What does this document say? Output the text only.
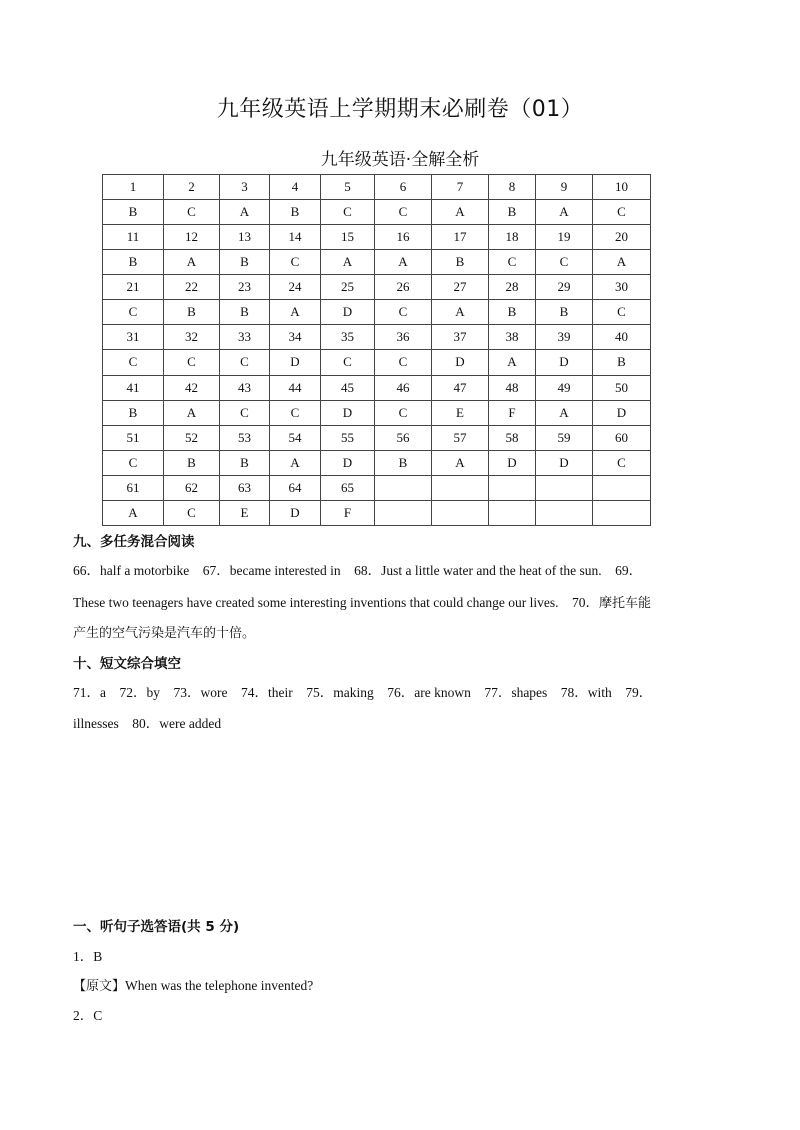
九年级英语上学期期末必刷卷（01）
九年级英语·全解全析
1	2	3	4	5	6	7	8	9	10
B	C	A	B	C	C	A	B	A	C
11	12	13	14	15	16	17	18	19	20
B	A	B	C	A	A	B	C	C	A
21	22	23	24	25	26	27	28	29	30
C	B	B	A	D	C	A	B	B	C
31	32	33	34	35	36	37	38	39	40
C	C	C	D	C	C	D	A	D	B
41	42	43	44	45	46	47	48	49	50
B	A	C	C	D	C	E	F	A	D
51	52	53	54	55	56	57	58	59	60
C	B	B	A	D	B	A	D	D	C
61	62	63	64	65					
A	C	E	D	F					
九、多任务混合阅读
66．half a motorbike    67．became interested in    68．Just a little water and the heat of the sun.    69．
These two teenagers have created some interesting inventions that could change our lives.    70．摩托车能
产生的空气污染是汽车的十倍。
十、短文综合填空
71．a    72．by    73．wore    74．their    75．making    76．are known    77．shapes    78．with    79．
illnesses    80．were added
一、听句子选答语(共 5 分)
1．B
【原文】When was the telephone invented?
2．C
